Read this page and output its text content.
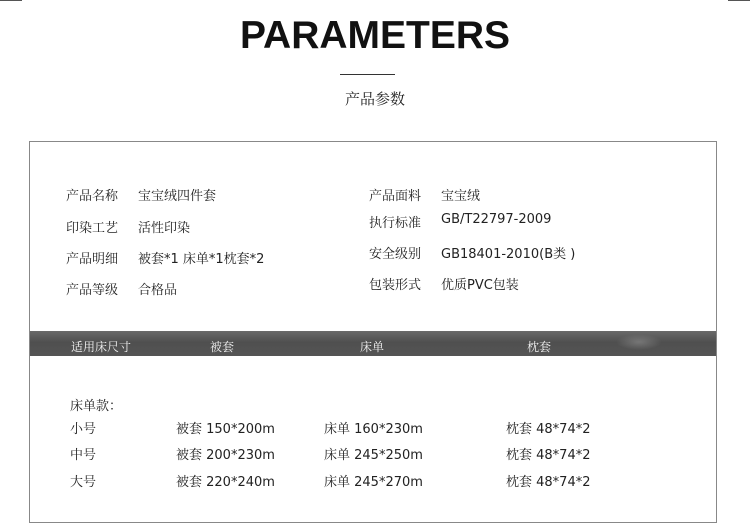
PARAMETERS
产品参数
产品名称 宝宝绒四件套
印染工艺 活性印染
产品明细 被套*1 床单*1枕套*2
产品等级 合格品
产品面料 宝宝绒
执行标准 GB/T22797-2009
安全级别 GB18401-2010(B类 )
包装形式 优质PVC包装
适用床尺寸	被套	床单	枕套
床单款：
小号	被套 150*200m	床单 160*230m	枕套 48*74*2
中号	被套 200*230m	床单 245*250m	枕套 48*74*2
大号	被套 220*240m	床单 245*270m	枕套 48*74*2
